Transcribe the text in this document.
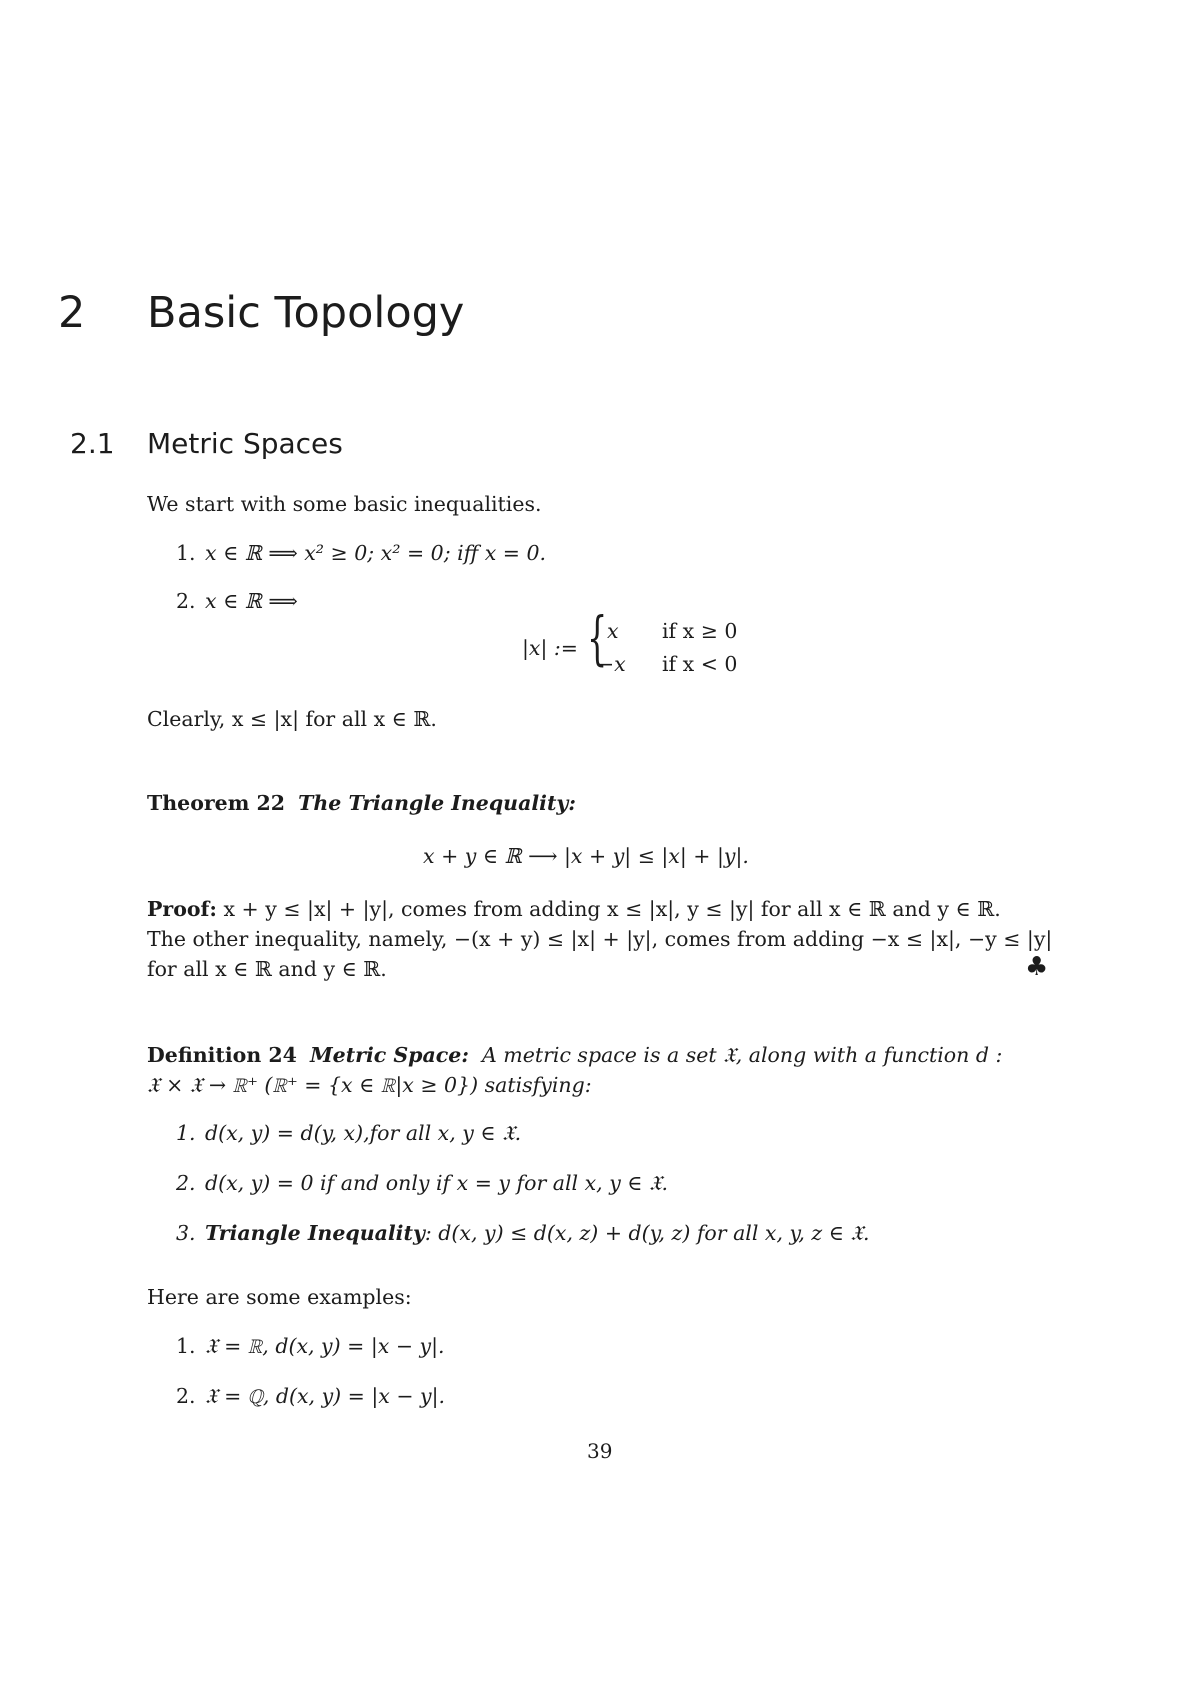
2 Basic Topology
2.1 Metric Spaces
We start with some basic inequalities.
1. x ∈ ℝ ⟹ x² ≥ 0; x² = 0; iff x = 0.
2. x ∈ ℝ ⟹
|x| := { x if x ≥ 0
−x if x < 0
Clearly, x ≤ |x| for all x ∈ ℝ.
Theorem 22 The Triangle Inequality:
x + y ∈ ℝ ⟶ |x + y| ≤ |x| + |y|.
Proof: x + y ≤ |x| + |y|, comes from adding x ≤ |x|, y ≤ |y| for all x ∈ ℝ and y ∈ ℝ.
The other inequality, namely, −(x + y) ≤ |x| + |y|, comes from adding −x ≤ |x|, −y ≤ |y|
for all x ∈ ℝ and y ∈ ℝ.	♣
Definition 24 Metric Space: A metric space is a set 𝔛, along with a function d :
𝔛 × 𝔛 → ℝ⁺ (ℝ⁺ = {x ∈ ℝ|x ≥ 0}) satisfying:
1. d(x, y) = d(y, x),for all x, y ∈ 𝔛.
2. d(x, y) = 0 if and only if x = y for all x, y ∈ 𝔛.
3. Triangle Inequality: d(x, y) ≤ d(x, z) + d(y, z) for all x, y, z ∈ 𝔛.
Here are some examples:
1. 𝔛 = ℝ, d(x, y) = |x − y|.
2. 𝔛 = ℚ, d(x, y) = |x − y|.
39
